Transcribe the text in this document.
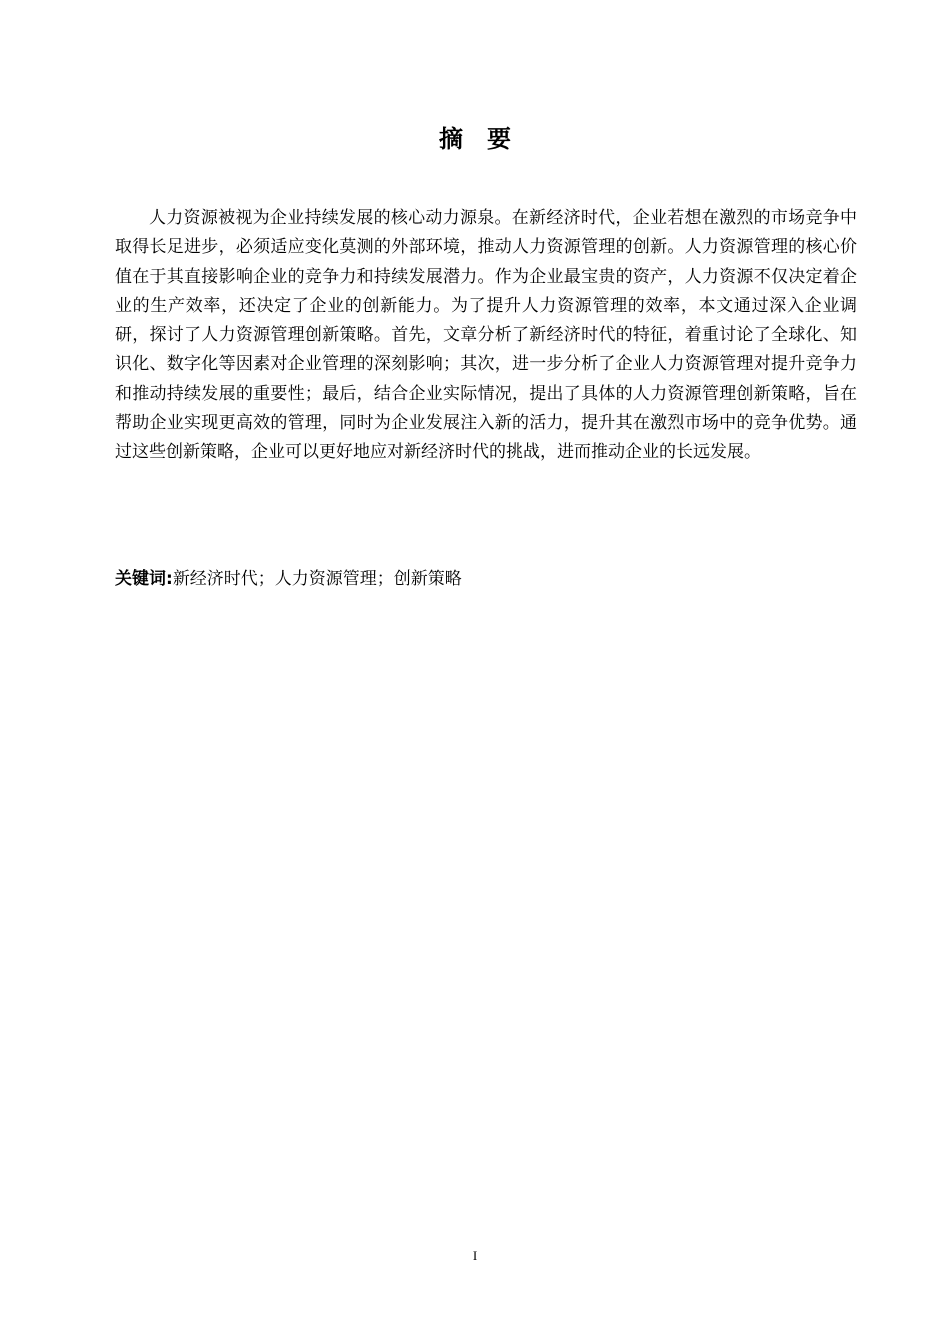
摘 要

人力资源被视为企业持续发展的核心动力源泉。在新经济时代，企业若想在激烈的市场竞争中取得长足进步，必须适应变化莫测的外部环境，推动人力资源管理的创新。人力资源管理的核心价值在于其直接影响企业的竞争力和持续发展潜力。作为企业最宝贵的资产，人力资源不仅决定着企业的生产效率，还决定了企业的创新能力。为了提升人力资源管理的效率，本文通过深入企业调研，探讨了人力资源管理创新策略。首先，文章分析了新经济时代的特征，着重讨论了全球化、知识化、数字化等因素对企业管理的深刻影响；其次，进一步分析了企业人力资源管理对提升竞争力和推动持续发展的重要性；最后，结合企业实际情况，提出了具体的人力资源管理创新策略，旨在帮助企业实现更高效的管理，同时为企业发展注入新的活力，提升其在激烈市场中的竞争优势。通过这些创新策略，企业可以更好地应对新经济时代的挑战，进而推动企业的长远发展。

关键词:新经济时代；人力资源管理；创新策略

I
